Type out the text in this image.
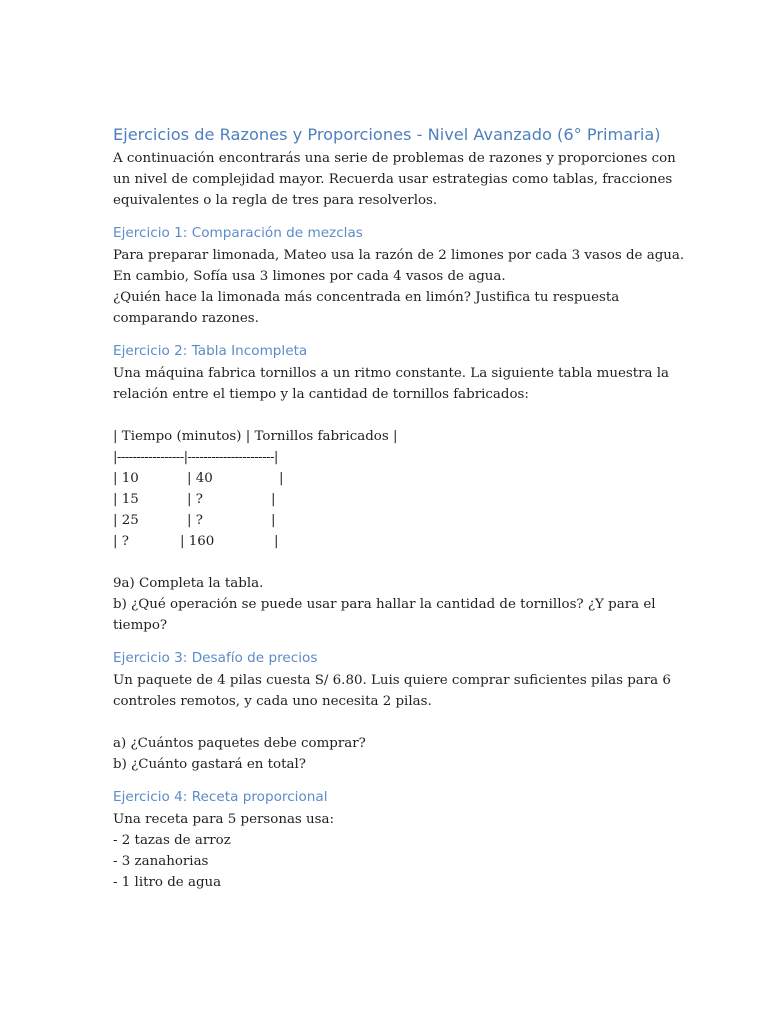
Ejercicios de Razones y Proporciones - Nivel Avanzado (6° Primaria)

A continuación encontrarás una serie de problemas de razones y proporciones con

un nivel de complejidad mayor. Recuerda usar estrategias como tablas, fracciones

equivalentes o la regla de tres para resolverlos.

Ejercicio 1: Comparación de mezclas

Para preparar limonada, Mateo usa la razón de 2 limones por cada 3 vasos de agua.

En cambio, Sofía usa 3 limones por cada 4 vasos de agua.

¿Quién hace la limonada más concentrada en limón? Justifica tu respuesta

comparando razones.

Ejercicio 2: Tabla Incompleta

Una máquina fabrica tornillos a un ritmo constante. La siguiente tabla muestra la

relación entre el tiempo y la cantidad de tornillos fabricados:

| Tiempo (minutos) | Tornillos fabricados |

|-----------------|----------------------|

| 10	| 40	|
| 15	| ?	|
| 25	| ?	|
| ?	| 160	|

9a) Completa la tabla.

b) ¿Qué operación se puede usar para hallar la cantidad de tornillos? ¿Y para el

tiempo?

Ejercicio 3: Desafío de precios

Un paquete de 4 pilas cuesta S/ 6.80. Luis quiere comprar suficientes pilas para 6

controles remotos, y cada uno necesita 2 pilas.

a) ¿Cuántos paquetes debe comprar?

b) ¿Cuánto gastará en total?

Ejercicio 4: Receta proporcional

Una receta para 5 personas usa:

- 2 tazas de arroz

- 3 zanahorias

- 1 litro de agua
